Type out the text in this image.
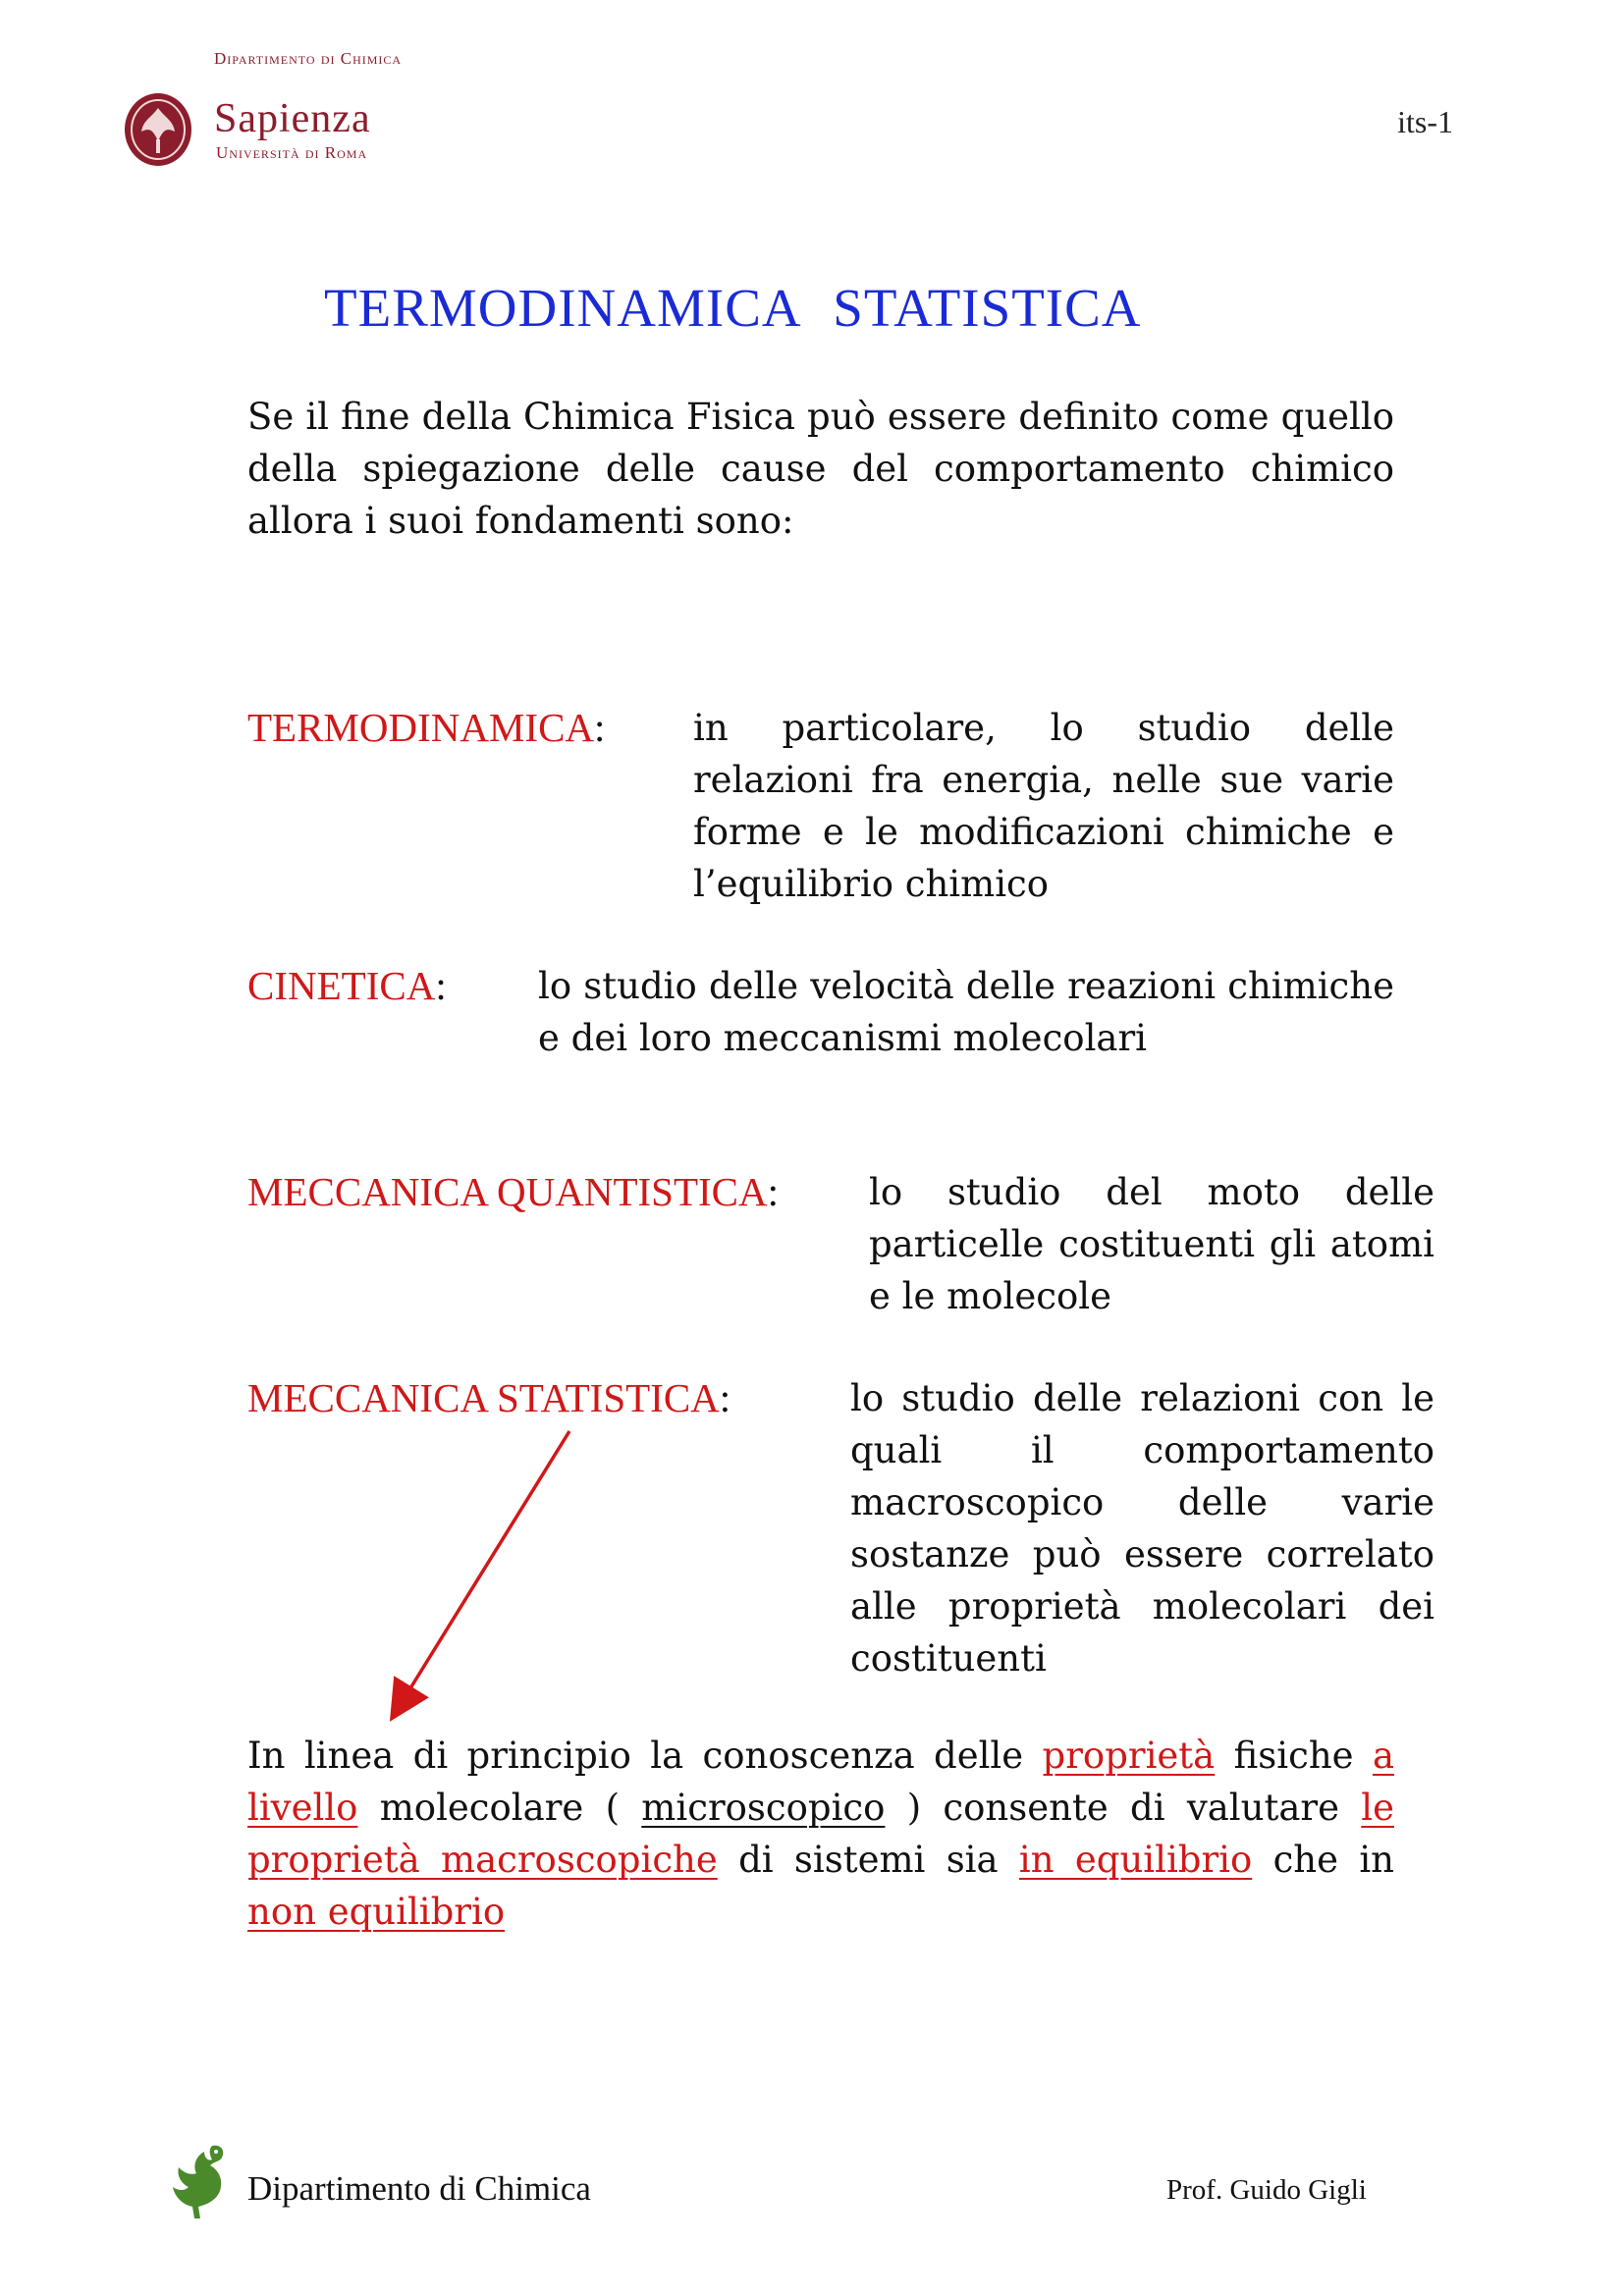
Dipartimento di Chimica
Sapienza
Università di Roma
its-1
TERMODINAMICA STATISTICA
Se il fine della Chimica Fisica può essere definito come quello della spiegazione delle cause del comportamento chimico allora i suoi fondamenti sono:
TERMODINAMICA: in particolare, lo studio delle relazioni fra energia, nelle sue varie forme e le modificazioni chimiche e l’equilibrio chimico
CINETICA:	lo studio delle velocità delle reazioni chimiche e dei loro meccanismi molecolari
MECCANICA QUANTISTICA: lo studio del moto delle particelle costituenti gli atomi e le molecole
MECCANICA STATISTICA:	lo studio delle relazioni con le quali il comportamento macroscopico delle varie sostanze può essere correlato alle proprietà molecolari dei costituenti
In linea di principio la conoscenza delle proprietà fisiche a livello molecolare ( microscopico ) consente di valutare le proprietà macroscopiche di sistemi sia in equilibrio che in non equilibrio
Dipartimento di Chimica	Prof. Guido Gigli
